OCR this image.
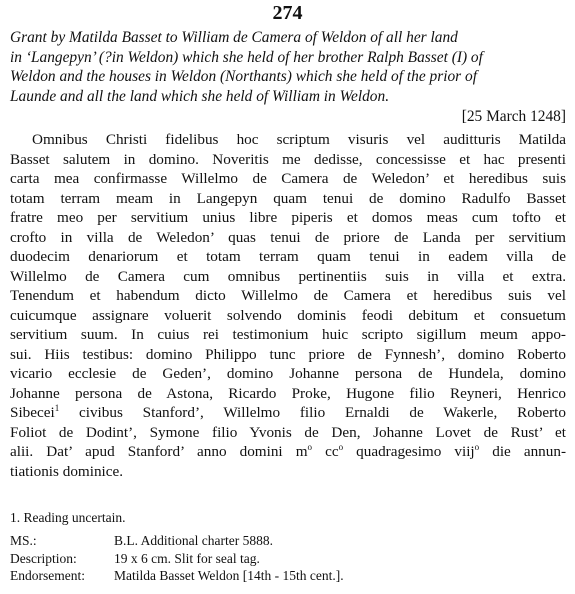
274
Grant by Matilda Basset to William de Camera of Weldon of all her land
in ‘Langepyn’ (?in Weldon) which she held of her brother Ralph Basset (I) of
Weldon and the houses in Weldon (Northants) which she held of the prior of
Launde and all the land which she held of William in Weldon.
[25 March 1248]
Omnibus Christi fidelibus hoc scriptum visuris vel auditturis Matilda
Basset salutem in domino. Noveritis me dedisse, concessisse et hac presenti
carta mea confirmasse Willelmo de Camera de Weledon’ et heredibus suis
totam terram meam in Langepyn quam tenui de domino Radulfo Basset
fratre meo per servitium unius libre piperis et domos meas cum tofto et
crofto in villa de Weledon’ quas tenui de priore de Landa per servitium
duodecim denariorum et totam terram quam tenui in eadem villa de
Willelmo de Camera cum omnibus pertinentiis suis in villa et extra.
Tenendum et habendum dicto Willelmo de Camera et heredibus suis vel
cuicumque assignare voluerit solvendo dominis feodi debitum et consuetum
servitium suum. In cuius rei testimonium huic scripto sigillum meum appo-
sui. Hiis testibus: domino Philippo tunc priore de Fynnesh’, domino Roberto
vicario ecclesie de Geden’, domino Johanne persona de Hundela, domino
Johanne persona de Astona, Ricardo Proke, Hugone filio Reyneri, Henrico
Sibecei$^1$ civibus Stanford’, Willelmo filio Ernaldi de Wakerle, Roberto
Foliot de Dodint’, Symone filio Yvonis de Den, Johanne Lovet de Rust’ et
alii. Dat’ apud Stanford’ anno domini $m^o$ $cc^o$ quadragesimo viij$^o$ die annun-
tiationis dominice.
1. Reading uncertain.
MS.:	B.L. Additional charter 5888.
Description:	19 x 6 cm. Slit for seal tag.
Endorsement:	Matilda Basset Weldon [14th - 15th cent.].
